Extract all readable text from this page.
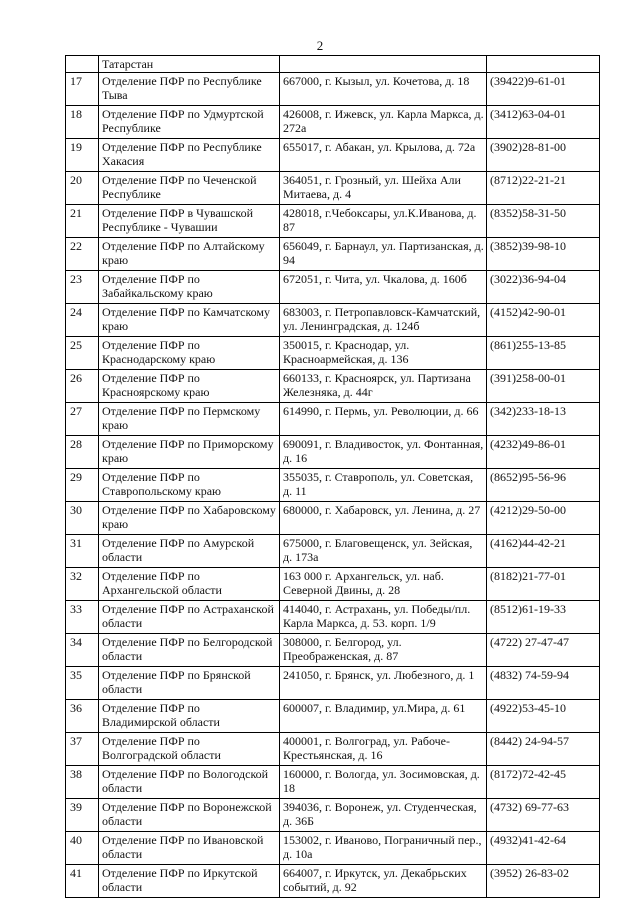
2
	Татарстан		
17	Отделение ПФР по Республике Тыва	667000, г. Кызыл, ул. Кочетова, д. 18	(39422)9-61-01
18	Отделение ПФР по Удмуртской Республике	426008, г. Ижевск, ул. Карла Маркса, д. 272а	(3412)63-04-01
19	Отделение ПФР по Республике Хакасия	655017, г. Абакан, ул. Крылова, д. 72а	(3902)28-81-00
20	Отделение ПФР по Чеченской Республике	364051, г. Грозный, ул. Шейха Али Митаева, д. 4	(8712)22-21-21
21	Отделение ПФР в Чувашской Республике - Чувашии	428018, г.Чебоксары, ул.К.Иванова, д. 87	(8352)58-31-50
22	Отделение ПФР по Алтайскому краю	656049, г. Барнаул, ул. Партизанская, д. 94	(3852)39-98-10
23	Отделение ПФР по Забайкальскому краю	672051, г. Чита, ул. Чкалова, д. 160б	(3022)36-94-04
24	Отделение ПФР по Камчатскому краю	683003, г. Петропавловск-Камчатский, ул. Ленинградская, д. 124б	(4152)42-90-01
25	Отделение ПФР по Краснодарскому краю	350015, г. Краснодар, ул. Красноармейская, д. 136	(861)255-13-85
26	Отделение ПФР по Красноярскому краю	660133, г. Красноярск, ул. Партизана Железняка, д. 44г	(391)258-00-01
27	Отделение ПФР по Пермскому краю	614990, г. Пермь, ул. Революции, д. 66	(342)233-18-13
28	Отделение ПФР по Приморскому краю	690091, г. Владивосток, ул. Фонтанная, д. 16	(4232)49-86-01
29	Отделение ПФР по Ставропольскому краю	355035, г. Ставрополь, ул. Советская, д. 11	(8652)95-56-96
30	Отделение ПФР по Хабаровскому краю	680000, г. Хабаровск, ул. Ленина, д. 27	(4212)29-50-00
31	Отделение ПФР по Амурской области	675000, г. Благовещенск, ул. Зейская, д. 173а	(4162)44-42-21
32	Отделение ПФР по Архангельской области	163 000 г. Архангельск, ул. наб. Северной Двины, д. 28	(8182)21-77-01
33	Отделение ПФР по Астраханской области	414040, г. Астрахань, ул. Победы/пл. Карла Маркса, д. 53. корп. 1/9	(8512)61-19-33
34	Отделение ПФР по Белгородской области	308000, г. Белгород, ул. Преображенская, д. 87	(4722) 27-47-47
35	Отделение ПФР по Брянской области	241050, г. Брянск, ул. Любезного, д. 1	(4832) 74-59-94
36	Отделение ПФР по Владимирской области	600007, г. Владимир, ул.Мира, д. 61	(4922)53-45-10
37	Отделение ПФР по Волгоградской области	400001, г. Волгоград, ул. Рабоче-Крестьянская, д. 16	(8442) 24-94-57
38	Отделение ПФР по Вологодской области	160000, г. Вологда, ул. Зосимовская, д. 18	(8172)72-42-45
39	Отделение ПФР по Воронежской области	394036, г. Воронеж, ул. Студенческая, д. 36Б	(4732) 69-77-63
40	Отделение ПФР по Ивановской области	153002, г. Иваново, Пограничный пер., д. 10а	(4932)41-42-64
41	Отделение ПФР по Иркутской области	664007, г. Иркутск, ул. Декабрьских событий, д. 92	(3952) 26-83-02
